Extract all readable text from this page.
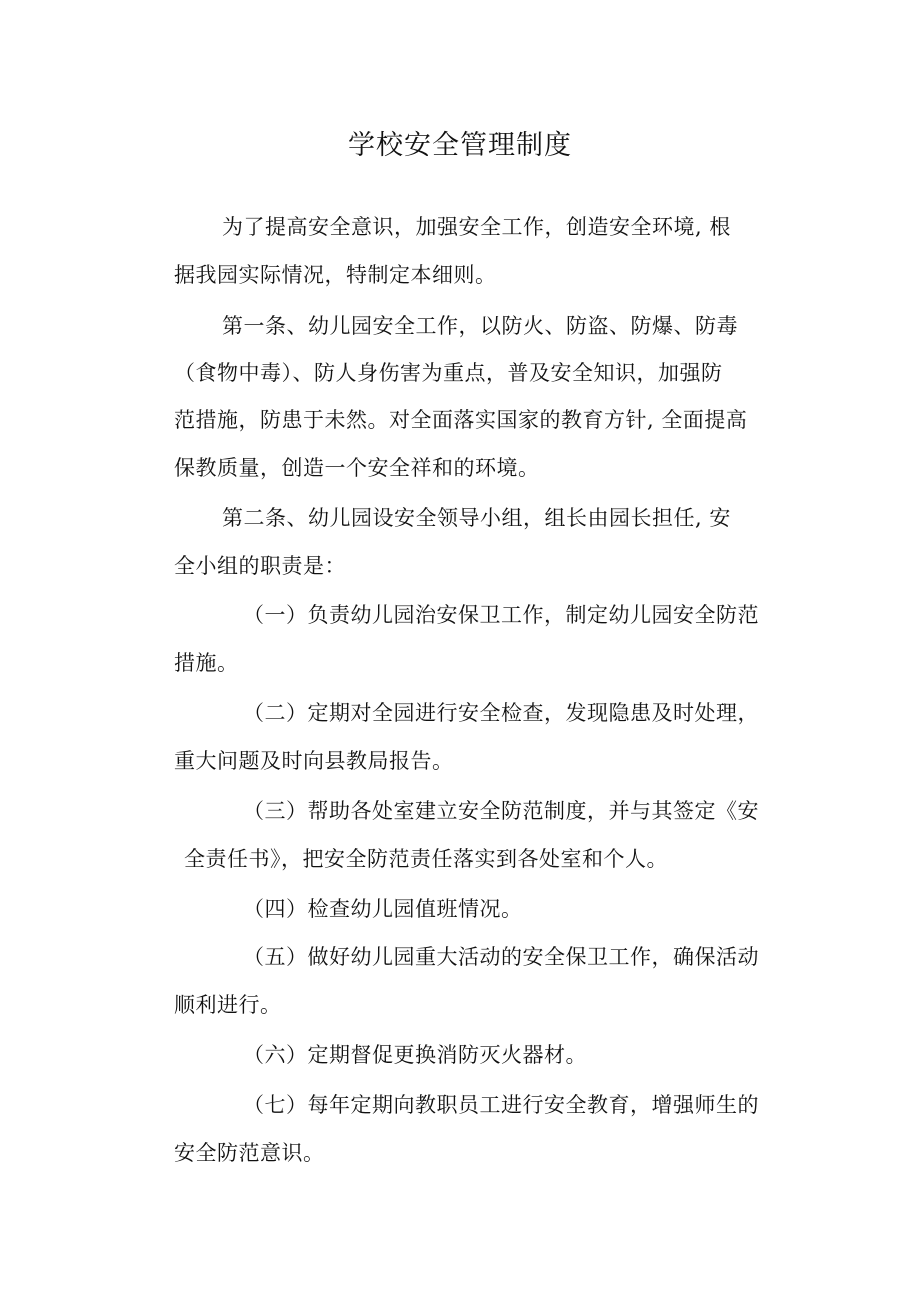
学校安全管理制度
为了提高安全意识，加强安全工作，创造安全环境, 根
据我园实际情况，特制定本细则。
第一条、幼儿园安全工作，以防火、防盗、防爆、防毒
（食物中毒）、防人身伤害为重点，普及安全知识，加强防
范措施，防患于未然。对全面落实国家的教育方针, 全面提高
保教质量，创造一个安全祥和的环境。
第二条、幼儿园设安全领导小组，组长由园长担任, 安
全小组的职责是：
（一）负责幼儿园治安保卫工作，制定幼儿园安全防范
措施。
（二）定期对全园进行安全检查，发现隐患及时处理，
重大问题及时向县教局报告。
（三）帮助各处室建立安全防范制度，并与其签定《安
全责任书》，把安全防范责任落实到各处室和个人。
（四）检查幼儿园值班情况。
（五）做好幼儿园重大活动的安全保卫工作，确保活动
顺利进行。
（六）定期督促更换消防灭火器材。
（七）每年定期向教职员工进行安全教育，增强师生的
安全防范意识。
